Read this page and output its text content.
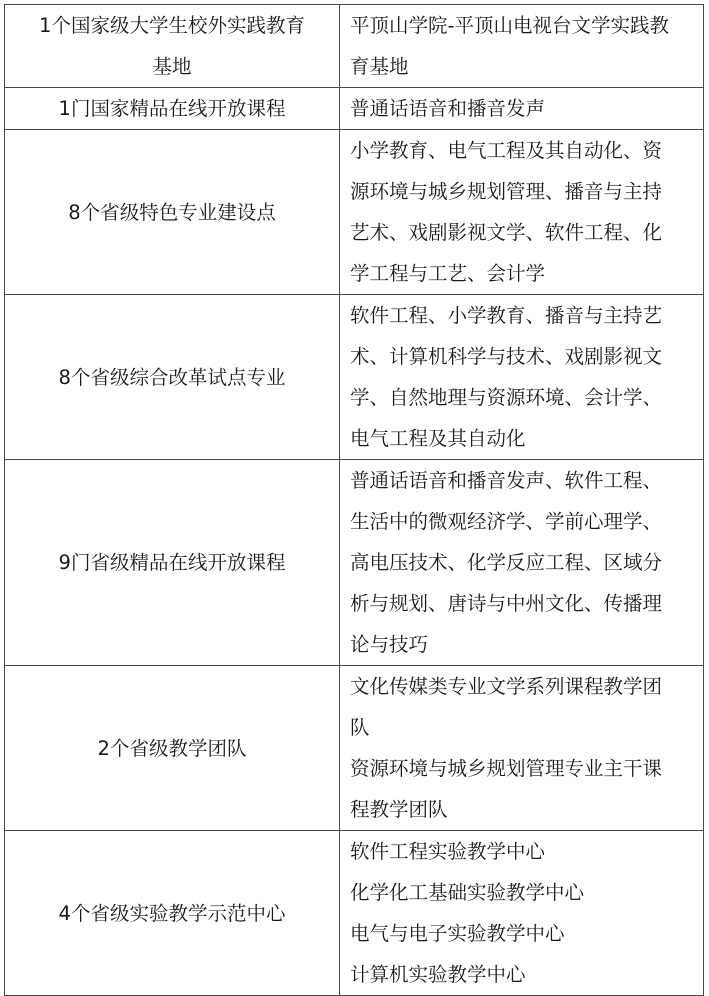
1个国家级大学生校外实践教育
基地	平顶山学院-平顶山电视台文学实践教
育基地

1门国家精品在线开放课程	普通话语音和播音发声

8个省级特色专业建设点	小学教育、电气工程及其自动化、资
源环境与城乡规划管理、播音与主持
艺术、戏剧影视文学、软件工程、化
学工程与工艺、会计学

8个省级综合改革试点专业	软件工程、小学教育、播音与主持艺
术、计算机科学与技术、戏剧影视文
学、自然地理与资源环境、会计学、
电气工程及其自动化

9门省级精品在线开放课程	普通话语音和播音发声、软件工程、
生活中的微观经济学、学前心理学、
高电压技术、化学反应工程、区域分
析与规划、唐诗与中州文化、传播理
论与技巧

2个省级教学团队	文化传媒类专业文学系列课程教学团
队
资源环境与城乡规划管理专业主干课
程教学团队

4个省级实验教学示范中心	软件工程实验教学中心
化学化工基础实验教学中心
电气与电子实验教学中心
计算机实验教学中心
